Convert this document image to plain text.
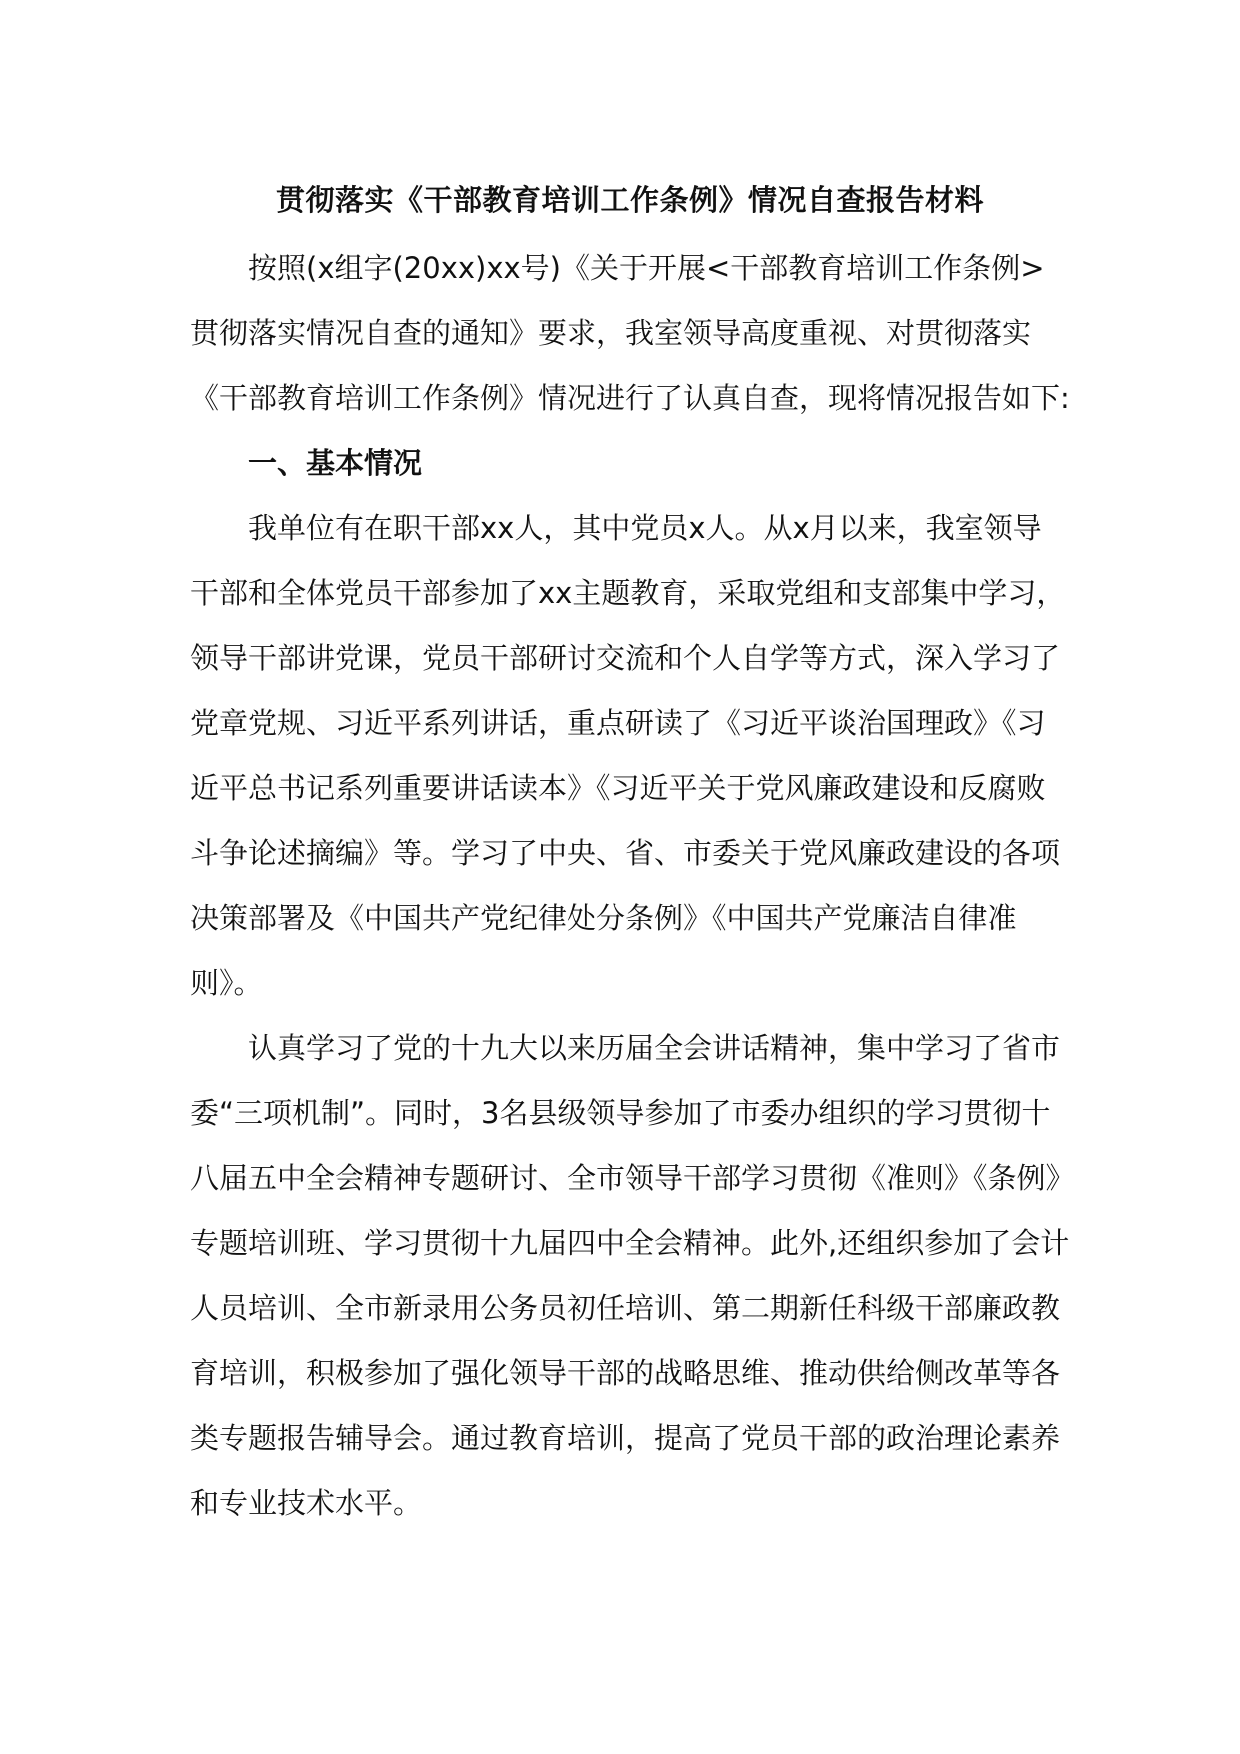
贯彻落实《干部教育培训工作条例》情况自查报告材料

按照(x组字(20xx)xx号)《关于开展<干部教育培训工作条例>贯彻落实情况自查的通知》要求，我室领导高度重视、对贯彻落实《干部教育培训工作条例》情况进行了认真自查，现将情况报告如下:

一、基本情况

我单位有在职干部xx人，其中党员x人。从x月以来，我室领导干部和全体党员干部参加了xx主题教育，采取党组和支部集中学习，领导干部讲党课，党员干部研讨交流和个人自学等方式，深入学习了党章党规、习近平系列讲话，重点研读了《习近平谈治国理政》《习近平总书记系列重要讲话读本》《习近平关于党风廉政建设和反腐败斗争论述摘编》等。学习了中央、省、市委关于党风廉政建设的各项决策部署及《中国共产党纪律处分条例》《中国共产党廉洁自律准则》。

认真学习了党的十九大以来历届全会讲话精神，集中学习了省市委“三项机制”。同时，3名县级领导参加了市委办组织的学习贯彻十八届五中全会精神专题研讨、全市领导干部学习贯彻《准则》《条例》专题培训班、学习贯彻十九届四中全会精神。此外,还组织参加了会计人员培训、全市新录用公务员初任培训、第二期新任科级干部廉政教育培训，积极参加了强化领导干部的战略思维、推动供给侧改革等各类专题报告辅导会。通过教育培训，提高了党员干部的政治理论素养和专业技术水平。
